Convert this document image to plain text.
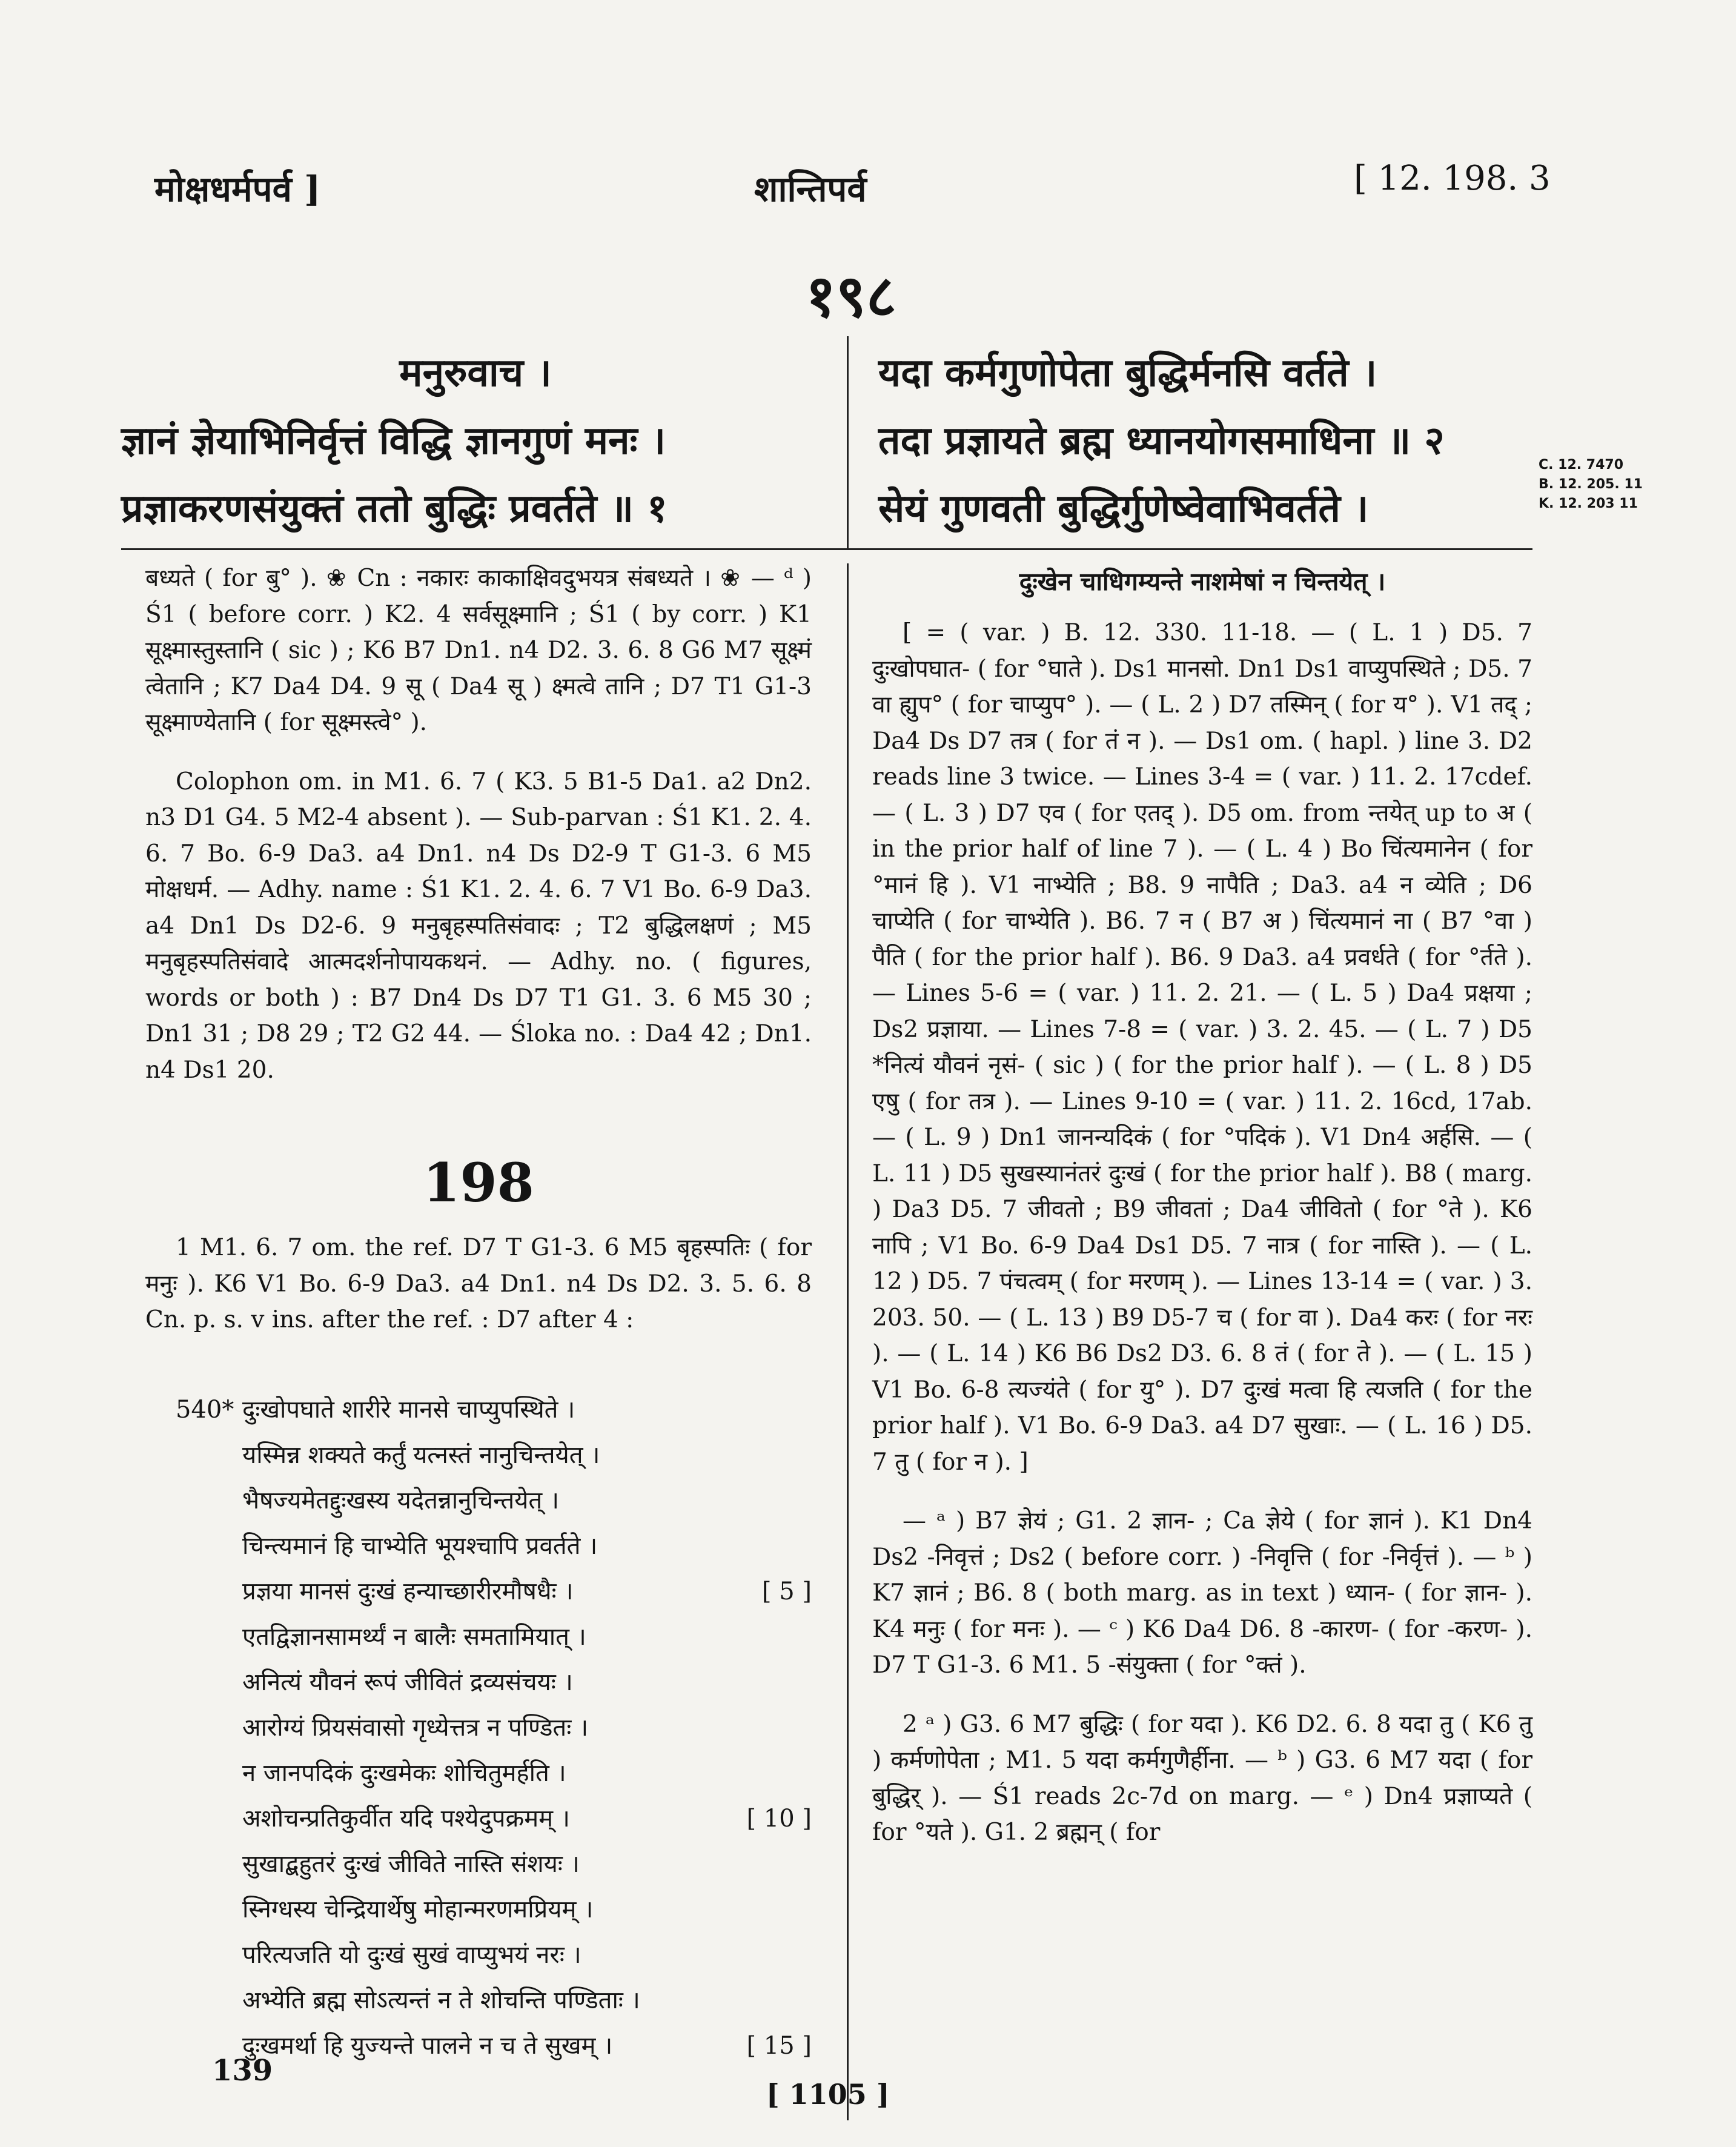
मोक्षधर्मपर्व ]	शान्तिपर्व	[ 12. 198. 3
१९८
मनुरुवाच ।
ज्ञानं ज्ञेयाभिनिर्वृत्तं विद्धि ज्ञानगुणं मनः ।
प्रज्ञाकरणसंयुक्तं ततो बुद्धिः प्रवर्तते ॥ १
यदा कर्मगुणोपेता बुद्धिर्मनसि वर्तते ।
तदा प्रज्ञायते ब्रह्म ध्यानयोगसमाधिना ॥ २
सेयं गुणवती बुद्धिर्गुणेष्वेवाभिवर्तते ।
C. 12. 7470
B. 12. 205. 11
K. 12. 203 11

बध्यते ( for बु° ). ❀ Cn : नकारः काकाक्षिवदुभयत्र संबध्यते । ❀ — ᵈ ) Ś1 ( before corr. ) K2. 4 सर्वसूक्ष्मानि ; Ś1 ( by corr. ) K1 सूक्ष्मास्तुस्तानि ( sic ) ; K6 B7 Dn1. n4 D2. 3. 6. 8 G6 M7 सूक्ष्मं त्वेतानि ; K7 Da4 D4. 9 सू ( Da4 सू ) क्ष्मत्वे तानि ; D7 T1 G1-3 सूक्ष्माण्येतानि ( for सूक्ष्मस्त्वे° ).

Colophon om. in M1. 6. 7 ( K3. 5 B1-5 Da1. a2 Dn2. n3 D1 G4. 5 M2-4 absent ). — Sub-parvan : Ś1 K1. 2. 4. 6. 7 Bo. 6-9 Da3. a4 Dn1. n4 Ds D2-9 T G1-3. 6 M5 मोक्षधर्म. — Adhy. name : Ś1 K1. 2. 4. 6. 7 V1 Bo. 6-9 Da3. a4 Dn1 Ds D2-6. 9 मनुबृहस्पतिसंवादः ; T2 बुद्धिलक्षणं ; M5 मनुबृहस्पतिसंवादे आत्मदर्शनोपायकथनं. — Adhy. no. ( figures, words or both ) : B7 Dn4 Ds D7 T1 G1. 3. 6 M5 30 ; Dn1 31 ; D8 29 ; T2 G2 44. — Śloka no. : Da4 42 ; Dn1. n4 Ds1 20.

198

1 M1. 6. 7 om. the ref. D7 T G1-3. 6 M5 बृहस्पतिः ( for मनुः ). K6 V1 Bo. 6-9 Da3. a4 Dn1. n4 Ds D2. 3. 5. 6. 8 Cn. p. s. v ins. after the ref. : D7 after 4 :

540* दुःखोपघाते शारीरे मानसे चाप्युपस्थिते ।
यस्मिन्न शक्यते कर्तुं यत्नस्तं नानुचिन्तयेत् ।
भैषज्यमेतद्दुःखस्य यदेतन्नानुचिन्तयेत् ।
चिन्त्यमानं हि चाभ्येति भूयश्चापि प्रवर्तते ।
प्रज्ञया मानसं दुःखं हन्याच्छारीरमौषधैः ।	[ 5 ]
एतद्विज्ञानसामर्थ्यं न बालैः समतामियात् ।
अनित्यं यौवनं रूपं जीवितं द्रव्यसंचयः ।
आरोग्यं प्रियसंवासो गृध्येत्तत्र न पण्डितः ।
न जानपदिकं दुःखमेकः शोचितुमर्हति ।
अशोचन्प्रतिकुर्वीत यदि पश्येदुपक्रमम् ।	[ 10 ]
सुखाद्बहुतरं दुःखं जीविते नास्ति संशयः ।
स्निग्धस्य चेन्द्रियार्थेषु मोहान्मरणमप्रियम् ।
परित्यजति यो दुःखं सुखं वाप्युभयं नरः ।
अभ्येति ब्रह्म सोऽत्यन्तं न ते शोचन्ति पण्डिताः ।
दुःखमर्था हि युज्यन्ते पालने न च ते सुखम् ।	[ 15 ]
दुःखेन चाधिगम्यन्ते नाशमेषां न चिन्तयेत् ।

[ = ( var. ) B. 12. 330. 11-18. — ( L. 1 ) D5. 7 दुःखोपघात- ( for °घाते ). Ds1 मानसो. Dn1 Ds1 वाप्युपस्थिते ; D5. 7 वा ह्युप° ( for चाप्युप° ). — ( L. 2 ) D7 तस्मिन् ( for य° ). V1 तद् ; Da4 Ds D7 तत्र ( for तं न ). — Ds1 om. ( hapl. ) line 3. D2 reads line 3 twice. — Lines 3-4 = ( var. ) 11. 2. 17cdef. — ( L. 3 ) D7 एव ( for एतद् ). D5 om. from न्तयेत् up to अ ( in the prior half of line 7 ). — ( L. 4 ) Bo चिंत्यमानेन ( for °मानं हि ). V1 नाभ्येति ; B8. 9 नापैति ; Da3. a4 न व्येति ; D6 चाप्येति ( for चाभ्येति ). B6. 7 न ( B7 अ ) चिंत्यमानं ना ( B7 °वा ) पैति ( for the prior half ). B6. 9 Da3. a4 प्रवर्धते ( for °र्तते ). — Lines 5-6 = ( var. ) 11. 2. 21. — ( L. 5 ) Da4 प्रक्षया ; Ds2 प्रज्ञाया. — Lines 7-8 = ( var. ) 3. 2. 45. — ( L. 7 ) D5 *नित्यं यौवनं नृसं- ( sic ) ( for the prior half ). — ( L. 8 ) D5 एषु ( for तत्र ). — Lines 9-10 = ( var. ) 11. 2. 16cd, 17ab. — ( L. 9 ) Dn1 जानन्यदिकं ( for °पदिकं ). V1 Dn4 अर्हसि. — ( L. 11 ) D5 सुखस्यानंतरं दुःखं ( for the prior half ). B8 ( marg. ) Da3 D5. 7 जीवतो ; B9 जीवतां ; Da4 जीवितो ( for °ते ). K6 नापि ; V1 Bo. 6-9 Da4 Ds1 D5. 7 नात्र ( for नास्ति ). — ( L. 12 ) D5. 7 पंचत्वम् ( for मरणम् ). — Lines 13-14 = ( var. ) 3. 203. 50. — ( L. 13 ) B9 D5-7 च ( for वा ). Da4 करः ( for नरः ). — ( L. 14 ) K6 B6 Ds2 D3. 6. 8 तं ( for ते ). — ( L. 15 ) V1 Bo. 6-8 त्यज्यंते ( for यु° ). D7 दुःखं मत्वा हि त्यजति ( for the prior half ). V1 Bo. 6-9 Da3. a4 D7 सुखाः. — ( L. 16 ) D5. 7 तु ( for न ). ]

— ᵃ ) B7 ज्ञेयं ; G1. 2 ज्ञान- ; Ca ज्ञेये ( for ज्ञानं ). K1 Dn4 Ds2 -निवृत्तं ; Ds2 ( before corr. ) -निवृत्ति ( for -निर्वृत्तं ). — ᵇ ) K7 ज्ञानं ; B6. 8 ( both marg. as in text ) ध्यान- ( for ज्ञान- ). K4 मनुः ( for मनः ). — ᶜ ) K6 Da4 D6. 8 -कारण- ( for -करण- ). D7 T G1-3. 6 M1. 5 -संयुक्ता ( for °क्तं ).

2 ᵃ ) G3. 6 M7 बुद्धिः ( for यदा ). K6 D2. 6. 8 यदा तु ( K6 तु ) कर्मणोपेता ; M1. 5 यदा कर्मगुणैर्हीना. — ᵇ ) G3. 6 M7 यदा ( for बुद्धिर् ). — Ś1 reads 2c-7d on marg. — ᵉ ) Dn4 प्रज्ञाप्यते ( for °यते ). G1. 2 ब्रह्मन् ( for

139
[ 1105 ]
